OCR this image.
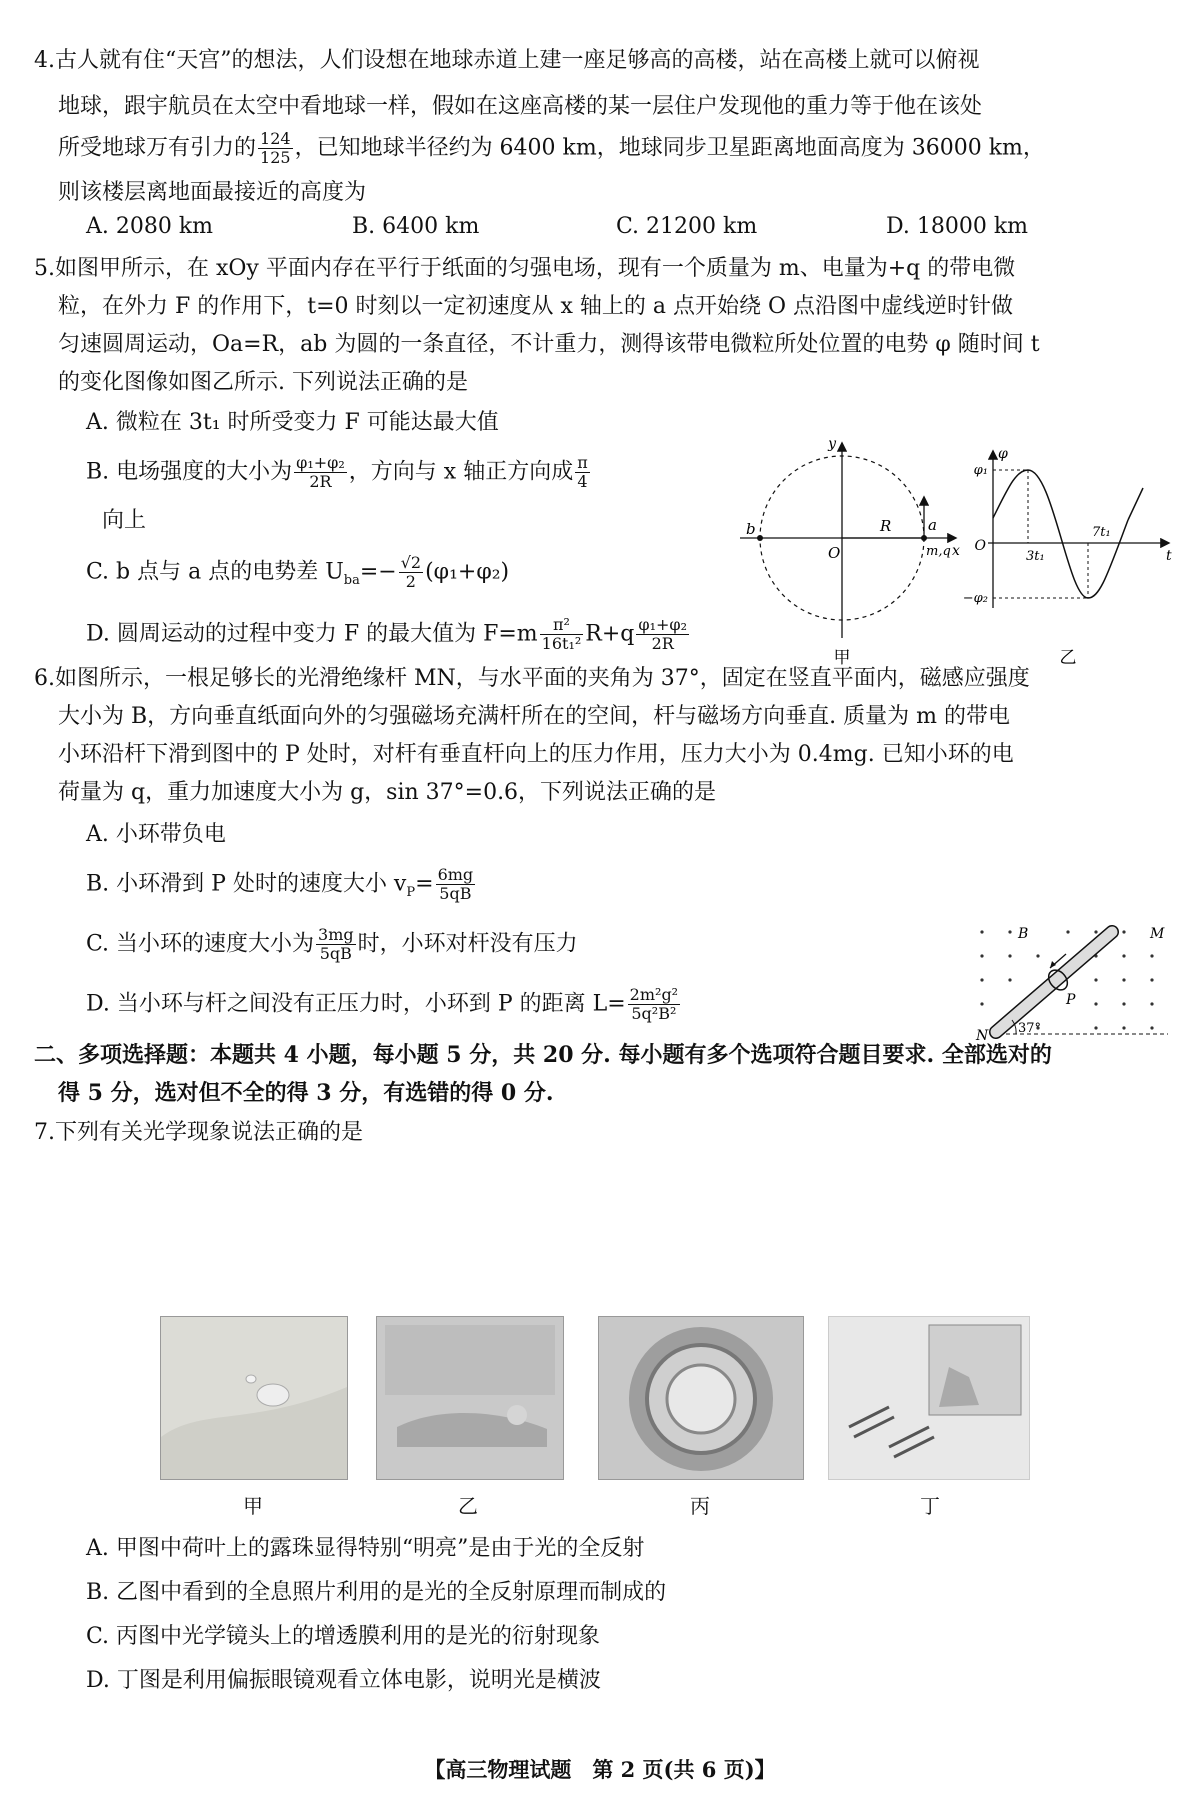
4.古人就有住“天宫”的想法，人们设想在地球赤道上建一座足够高的高楼，站在高楼上就可以俯视
地球，跟宇航员在太空中看地球一样，假如在这座高楼的某一层住户发现他的重力等于他在该处
所受地球万有引力的 $\frac{124}{125}$ ，已知地球半径约为 6400 km，地球同步卫星距离地面高度为 36000 km，
则该楼层离地面最接近的高度为
A. 2080 km	B. 6400 km	C. 21200 km	D. 18000 km
5.如图甲所示，在 xOy 平面内存在平行于纸面的匀强电场，现有一个质量为 m、电量为+q 的带电微
粒，在外力 F 的作用下，t=0 时刻以一定初速度从 x 轴上的 a 点开始绕 O 点沿图中虚线逆时针做
匀速圆周运动，Oa=R，ab 为圆的一条直径，不计重力，测得该带电微粒所处位置的电势 φ 随时间 t
的变化图像如图乙所示. 下列说法正确的是
A. 微粒在 3t₁ 时所受变力 F 可能达最大值
B. 电场强度的大小为 $\frac{\text{φ₁+φ₂}}{2R}$ ，方向与 x 轴正方向成 $\frac{\pi}{4}$
向上
C. b 点与 a 点的电势差 $U_{ba}=- \frac{√2}{2} (\varphi_1+\varphi_2)$
D. 圆周运动的过程中变力 F 的最大值为 $F=m \frac{\text{π²}}{\text{16t₁²}} R+q \frac{\text{φ₁+φ₂}}{2R}$
y
x
O
a
b	R
m,q
甲
φ
φ₁
−φ₂
O
t
3t₁
7t₁
乙
6.如图所示，一根足够长的光滑绝缘杆 MN，与水平面的夹角为 37°，固定在竖直平面内，磁感应强度
大小为 B，方向垂直纸面向外的匀强磁场充满杆所在的空间，杆与磁场方向垂直. 质量为 m 的带电
小环沿杆下滑到图中的 P 处时，对杆有垂直杆向上的压力作用，压力大小为 0.4mg. 已知小环的电
荷量为 q，重力加速度大小为 g，sin 37°=0.6，下列说法正确的是
A. 小环带负电
B. 小环滑到 P 处时的速度大小 $v_P= \frac{6mg}{5qB}$
C. 当小环的速度大小为 $\frac{3mg}{5qB}$ 时，小环对杆没有压力
D. 当小环与杆之间没有正压力时，小环到 P 的距离 $L= \frac{\text{2m²g²}}{\text{5q²B²}}$
B	M
N
P
37°
二、多项选择题：本题共 4 小题，每小题 5 分，共 20 分. 每小题有多个选项符合题目要求. 全部选对的
得 5 分，选对但不全的得 3 分，有选错的得 0 分.
7.下列有关光学现象说法正确的是
甲	乙	丙	丁
A. 甲图中荷叶上的露珠显得特别“明亮”是由于光的全反射
B. 乙图中看到的全息照片利用的是光的全反射原理而制成的
C. 丙图中光学镜头上的增透膜利用的是光的衍射现象
D. 丁图是利用偏振眼镜观看立体电影，说明光是横波
【高三物理试题　第 2 页(共 6 页)】
